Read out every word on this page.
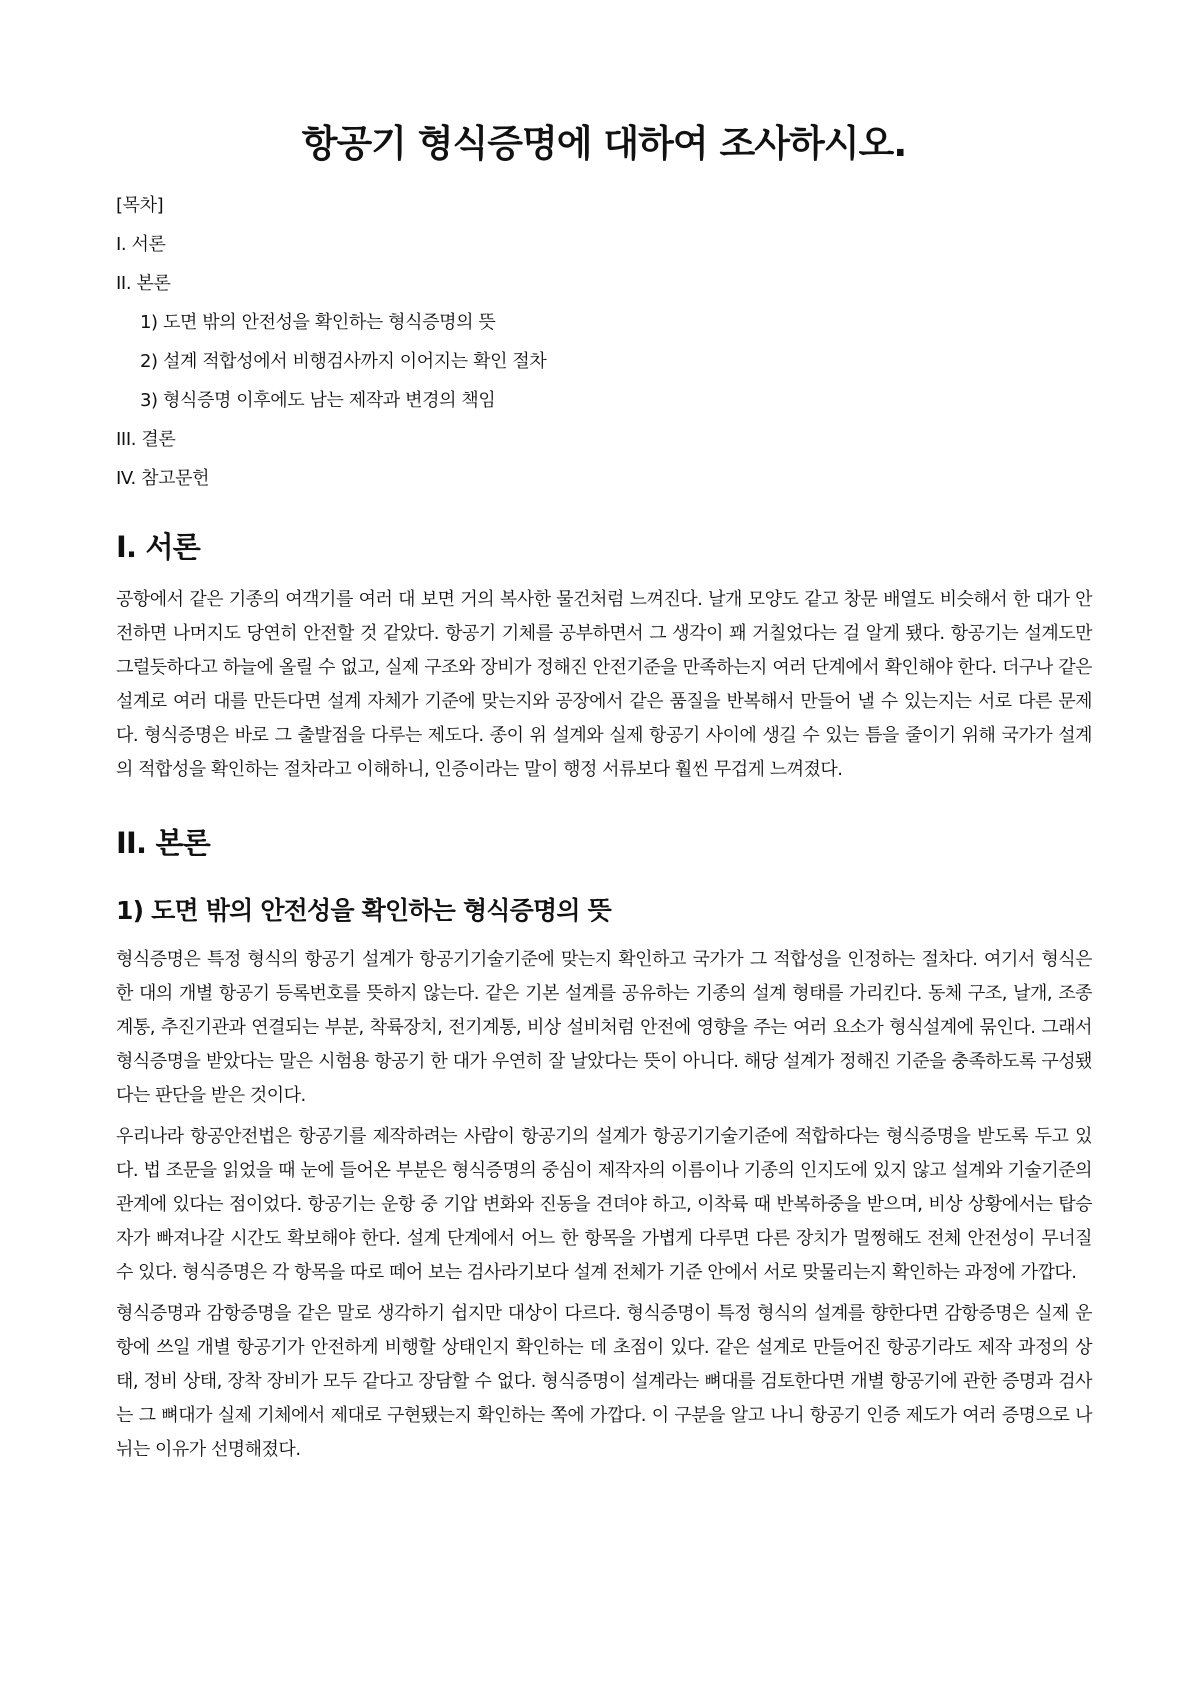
항공기 형식증명에 대하여 조사하시오.
[목차]
I. 서론
II. 본론
1) 도면 밖의 안전성을 확인하는 형식증명의 뜻
2) 설계 적합성에서 비행검사까지 이어지는 확인 절차
3) 형식증명 이후에도 남는 제작과 변경의 책임
III. 결론
IV. 참고문헌
I. 서론

공항에서 같은 기종의 여객기를 여러 대 보면 거의 복사한 물건처럼 느껴진다. 날개 모양도 같고 창문 배열도 비슷해서 한 대가 안전하면 나머지도 당연히 안전할 것 같았다. 항공기 기체를 공부하면서 그 생각이 꽤 거칠었다는 걸 알게 됐다. 항공기는 설계도만 그럴듯하다고 하늘에 올릴 수 없고, 실제 구조와 장비가 정해진 안전기준을 만족하는지 여러 단계에서 확인해야 한다. 더구나 같은 설계로 여러 대를 만든다면 설계 자체가 기준에 맞는지와 공장에서 같은 품질을 반복해서 만들어 낼 수 있는지는 서로 다른 문제다. 형식증명은 바로 그 출발점을 다루는 제도다. 종이 위 설계와 실제 항공기 사이에 생길 수 있는 틈을 줄이기 위해 국가가 설계의 적합성을 확인하는 절차라고 이해하니, 인증이라는 말이 행정 서류보다 훨씬 무겁게 느껴졌다.

II. 본론
1) 도면 밖의 안전성을 확인하는 형식증명의 뜻

형식증명은 특정 형식의 항공기 설계가 항공기기술기준에 맞는지 확인하고 국가가 그 적합성을 인정하는 절차다. 여기서 형식은 한 대의 개별 항공기 등록번호를 뜻하지 않는다. 같은 기본 설계를 공유하는 기종의 설계 형태를 가리킨다. 동체 구조, 날개, 조종계통, 추진기관과 연결되는 부분, 착륙장치, 전기계통, 비상 설비처럼 안전에 영향을 주는 여러 요소가 형식설계에 묶인다. 그래서 형식증명을 받았다는 말은 시험용 항공기 한 대가 우연히 잘 날았다는 뜻이 아니다. 해당 설계가 정해진 기준을 충족하도록 구성됐다는 판단을 받은 것이다.

우리나라 항공안전법은 항공기를 제작하려는 사람이 항공기의 설계가 항공기기술기준에 적합하다는 형식증명을 받도록 두고 있다. 법 조문을 읽었을 때 눈에 들어온 부분은 형식증명의 중심이 제작자의 이름이나 기종의 인지도에 있지 않고 설계와 기술기준의 관계에 있다는 점이었다. 항공기는 운항 중 기압 변화와 진동을 견뎌야 하고, 이착륙 때 반복하중을 받으며, 비상 상황에서는 탑승자가 빠져나갈 시간도 확보해야 한다. 설계 단계에서 어느 한 항목을 가볍게 다루면 다른 장치가 멀쩡해도 전체 안전성이 무너질 수 있다. 형식증명은 각 항목을 따로 떼어 보는 검사라기보다 설계 전체가 기준 안에서 서로 맞물리는지 확인하는 과정에 가깝다.

형식증명과 감항증명을 같은 말로 생각하기 쉽지만 대상이 다르다. 형식증명이 특정 형식의 설계를 향한다면 감항증명은 실제 운항에 쓰일 개별 항공기가 안전하게 비행할 상태인지 확인하는 데 초점이 있다. 같은 설계로 만들어진 항공기라도 제작 과정의 상태, 정비 상태, 장착 장비가 모두 같다고 장담할 수 없다. 형식증명이 설계라는 뼈대를 검토한다면 개별 항공기에 관한 증명과 검사는 그 뼈대가 실제 기체에서 제대로 구현됐는지 확인하는 쪽에 가깝다. 이 구분을 알고 나니 항공기 인증 제도가 여러 증명으로 나뉘는 이유가 선명해졌다.
